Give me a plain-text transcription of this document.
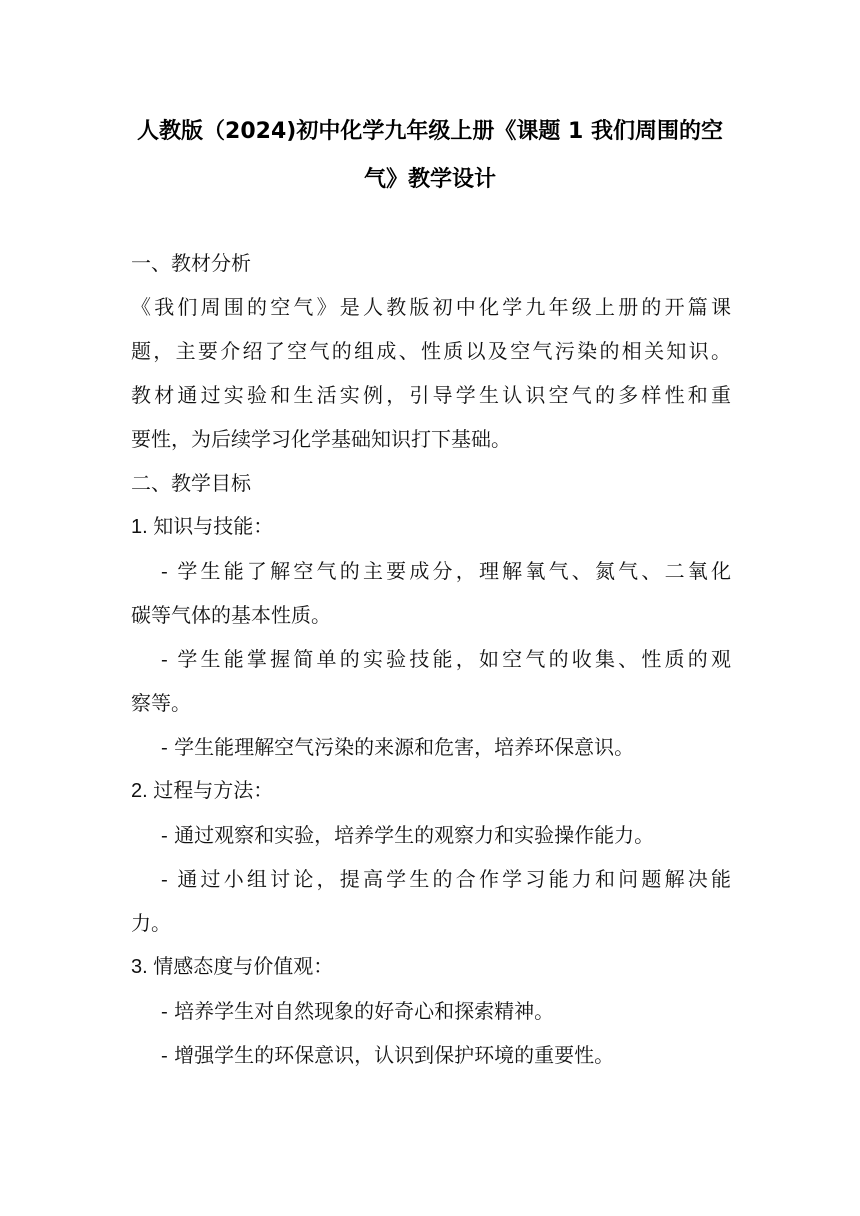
人教版（2024)初中化学九年级上册《课题 1 我们周围的空
气》教学设计
一、教材分析
《我们周围的空气》是人教版初中化学九年级上册的开篇课
题，主要介绍了空气的组成、性质以及空气污染的相关知识。
教材通过实验和生活实例，引导学生认识空气的多样性和重
要性，为后续学习化学基础知识打下基础。
二、教学目标
1. 知识与技能：
- 学生能了解空气的主要成分，理解氧气、氮气、二氧化
碳等气体的基本性质。
- 学生能掌握简单的实验技能，如空气的收集、性质的观
察等。
- 学生能理解空气污染的来源和危害，培养环保意识。
2. 过程与方法：
- 通过观察和实验，培养学生的观察力和实验操作能力。
- 通过小组讨论，提高学生的合作学习能力和问题解决能
力。
3. 情感态度与价值观：
- 培养学生对自然现象的好奇心和探索精神。
- 增强学生的环保意识，认识到保护环境的重要性。
